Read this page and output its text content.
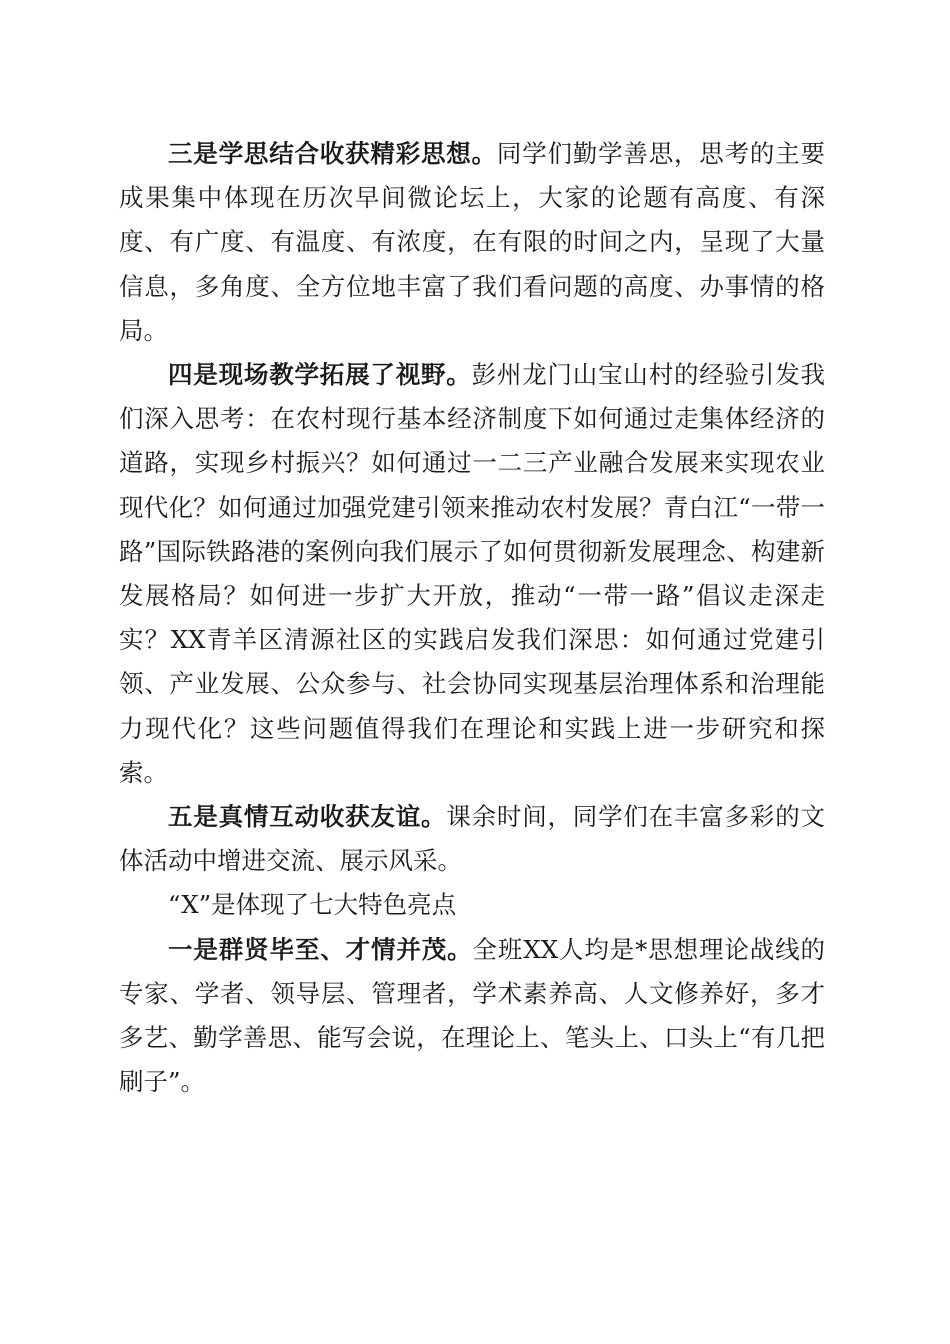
三是学思结合收获精彩思想。同学们勤学善思，思考的主要成果集中体现在历次早间微论坛上，大家的论题有高度、有深度、有广度、有温度、有浓度，在有限的时间之内，呈现了大量信息，多角度、全方位地丰富了我们看问题的高度、办事情的格局。

四是现场教学拓展了视野。彭州龙门山宝山村的经验引发我们深入思考：在农村现行基本经济制度下如何通过走集体经济的道路，实现乡村振兴？如何通过一二三产业融合发展来实现农业现代化？如何通过加强党建引领来推动农村发展？青白江“一带一路”国际铁路港的案例向我们展示了如何贯彻新发展理念、构建新发展格局？如何进一步扩大开放，推动“一带一路”倡议走深走实？XX青羊区清源社区的实践启发我们深思：如何通过党建引领、产业发展、公众参与、社会协同实现基层治理体系和治理能力现代化？这些问题值得我们在理论和实践上进一步研究和探索。

五是真情互动收获友谊。课余时间，同学们在丰富多彩的文体活动中增进交流、展示风采。

“X”是体现了七大特色亮点

一是群贤毕至、才情并茂。全班XX人均是*思想理论战线的专家、学者、领导层、管理者，学术素养高、人文修养好，多才多艺、勤学善思、能写会说，在理论上、笔头上、口头上“有几把刷子”。
